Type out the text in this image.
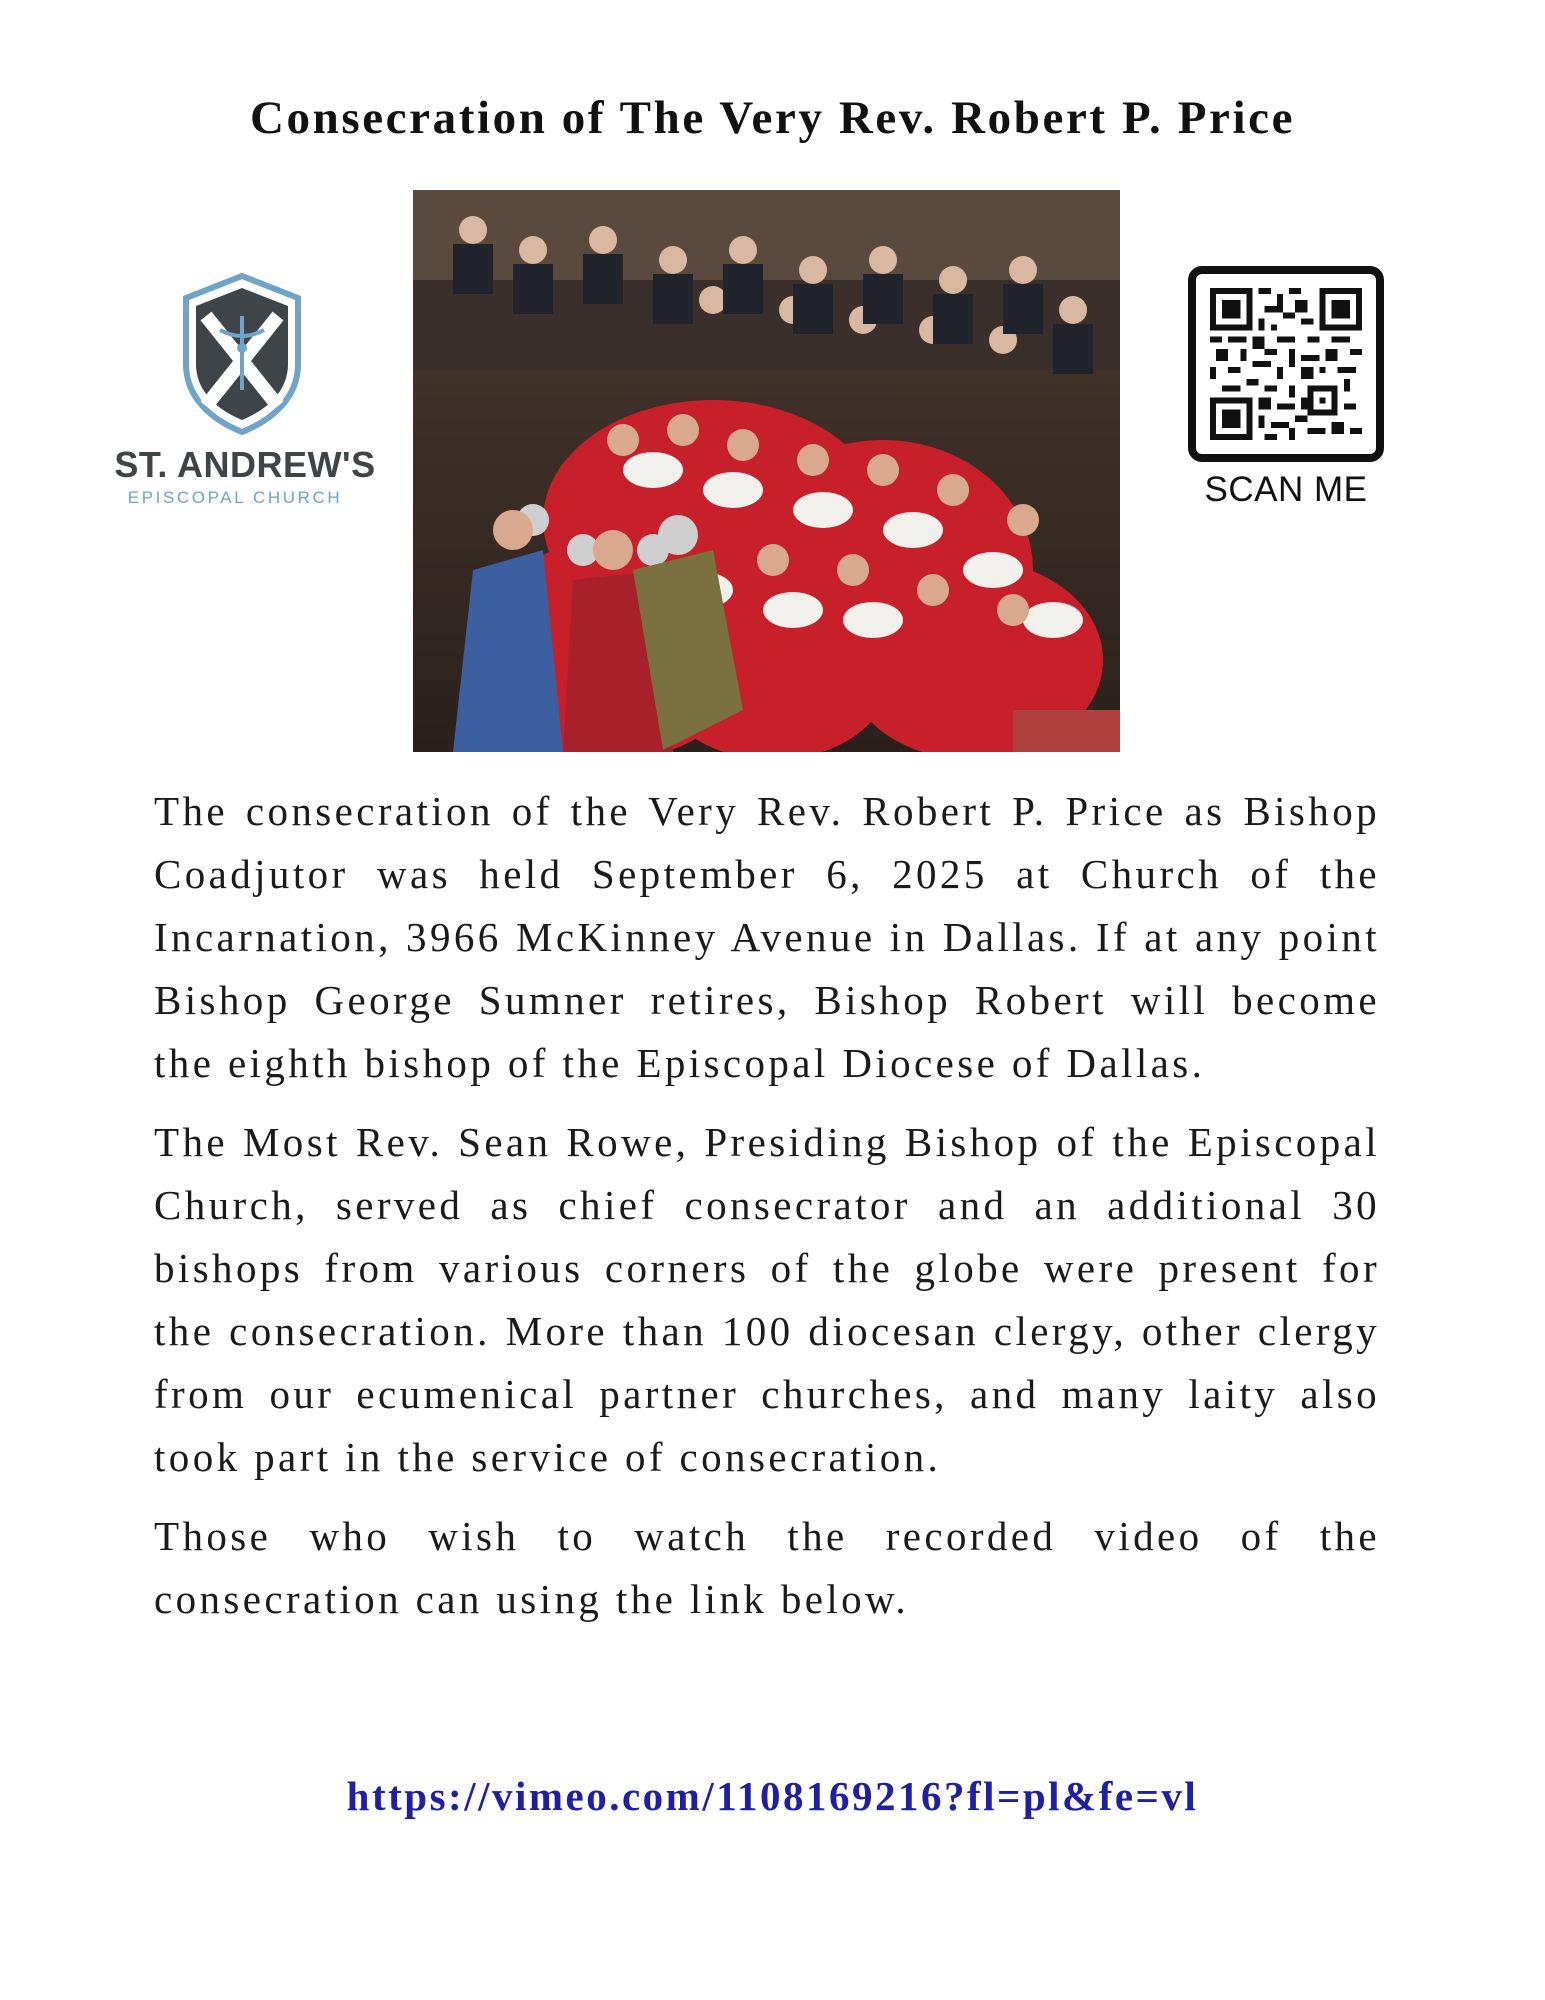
Consecration of The Very Rev. Robert P. Price
ST. ANDREW'S
EPISCOPAL CHURCH	SCAN ME

The consecration of the Very Rev. Robert P. Price as Bishop Coadjutor was held September 6, 2025 at Church of the Incarnation, 3966 McKinney Avenue in Dallas. If at any point Bishop George Sumner retires, Bishop Robert will become the eighth bishop of the Episcopal Diocese of Dallas.

The Most Rev. Sean Rowe, Presiding Bishop of the Episcopal Church, served as chief consecrator and an additional 30 bishops from various corners of the globe were present for the consecration. More than 100 diocesan clergy, other clergy from our ecumenical partner churches, and many laity also took part in the service of consecration.

Those who wish to watch the recorded video of the consecration can using the link below.

https://vimeo.com/1108169216?fl=pl&fe=vl
